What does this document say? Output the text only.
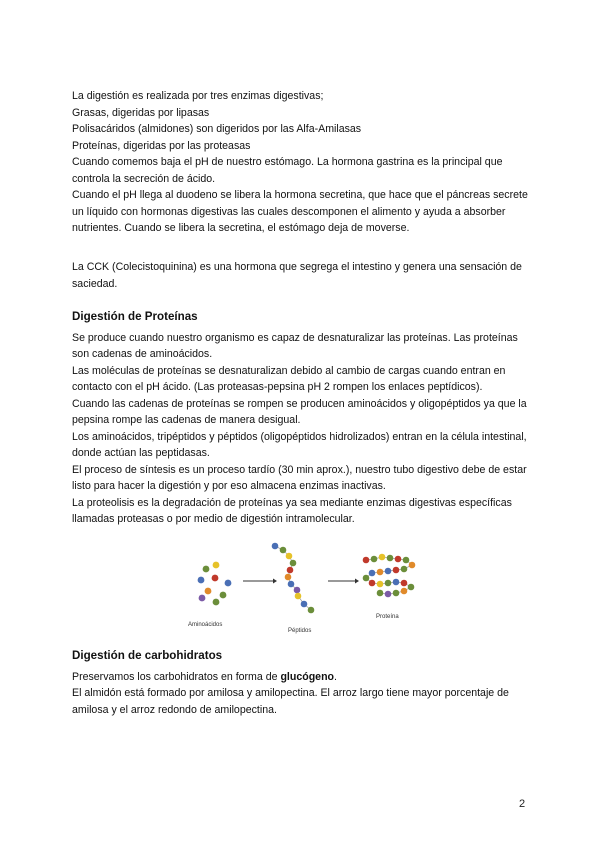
La digestión es realizada por tres enzimas digestivas;

Grasas, digeridas por lipasas

Polisacáridos (almidones) son digeridos por las Alfa-Amilasas

Proteínas, digeridas por las proteasas

Cuando comemos baja el pH de nuestro estómago. La hormona gastrina es la principal que controla la secreción de ácido.

Cuando el pH llega al duodeno se libera la hormona secretina, que hace que el páncreas secrete un líquido con hormonas digestivas las cuales descomponen el alimento y ayuda a absorber nutrientes. Cuando se libera la secretina, el estómago deja de moverse.

La CCK (Colecistoquinina) es una hormona que segrega el intestino y genera una sensación de saciedad.

Digestión de Proteínas

Se produce cuando nuestro organismo es capaz de desnaturalizar las proteínas. Las proteínas son cadenas de aminoácidos.

Las moléculas de proteínas se desnaturalizan debido al cambio de cargas cuando entran en contacto con el pH ácido. (Las proteasas-pepsina pH 2 rompen los enlaces peptídicos).

Cuando las cadenas de proteínas se rompen se producen aminoácidos y oligopéptidos ya que la pepsina rompe las cadenas de manera desigual.

Los aminoácidos, tripéptidos y péptidos (oligopéptidos hidrolizados) entran en la célula intestinal, donde actúan las peptidasas.

El proceso de síntesis es un proceso tardío (30 min aprox.), nuestro tubo digestivo debe de estar listo para hacer la digestión y por eso almacena enzimas inactivas.

La proteolisis es la degradación de proteínas ya sea mediante enzimas digestivas específicas llamadas proteasas o por medio de digestión intramolecular.

Aminoácidos
Péptidos
Proteína

Digestión de carbohidratos

Preservamos los carbohidratos en forma de glucógeno.

El almidón está formado por amilosa y amilopectina. El arroz largo tiene mayor porcentaje de amilosa y el arroz redondo de amilopectina.

2
